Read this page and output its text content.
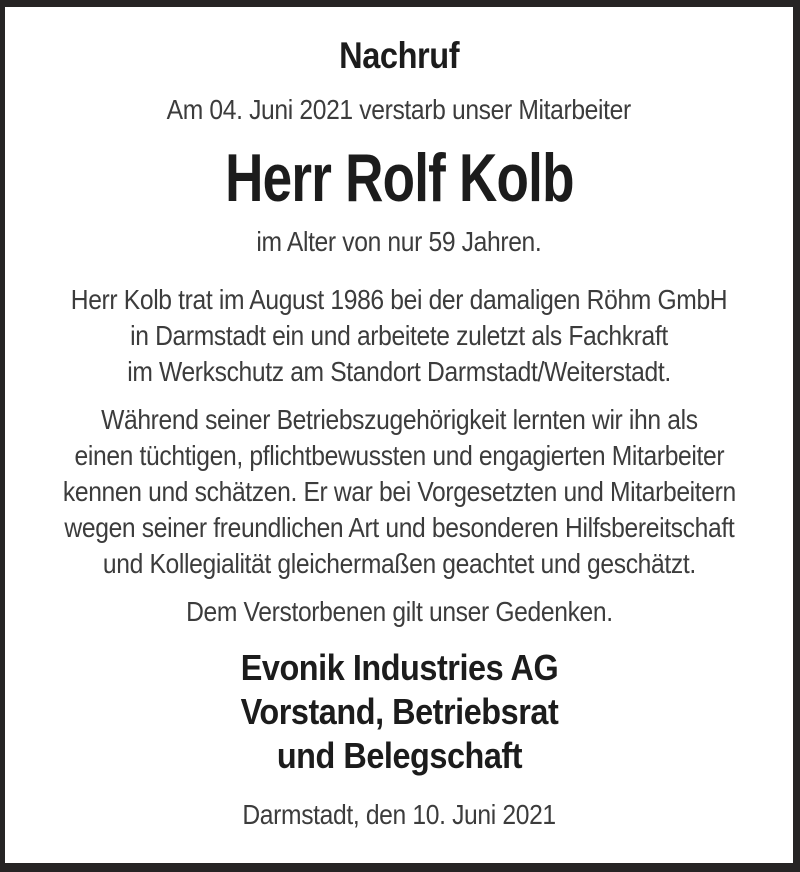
Nachruf
Am 04. Juni 2021 verstarb unser Mitarbeiter
Herr Rolf Kolb
im Alter von nur 59 Jahren.
Herr Kolb trat im August 1986 bei der damaligen Röhm GmbH
in Darmstadt ein und arbeitete zuletzt als Fachkraft
im Werkschutz am Standort Darmstadt/Weiterstadt.
Während seiner Betriebszugehörigkeit lernten wir ihn als
einen tüchtigen, pflichtbewussten und engagierten Mitarbeiter
kennen und schätzen. Er war bei Vorgesetzten und Mitarbeitern
wegen seiner freundlichen Art und besonderen Hilfsbereitschaft
und Kollegialität gleichermaßen geachtet und geschätzt.
Dem Verstorbenen gilt unser Gedenken.
Evonik Industries AG
Vorstand, Betriebsrat
und Belegschaft
Darmstadt, den 10. Juni 2021
